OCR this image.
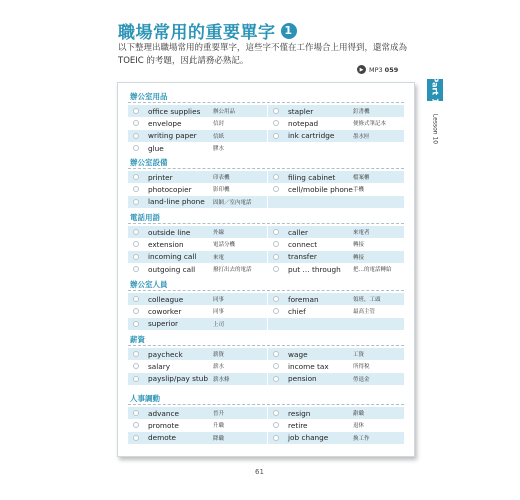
職場常用的重要單字 1
以下整理出職場常用的重要單字，這些字不僅在工作場合上用得到，還常成為 TOEIC 的考題，因此請務必熟記。
▶ MP3 059
Part 1
Lesson 10
辦公室用品
office supplies 辦公用品	stapler	釘書機
envelope	信封	notepad	便條式筆記本
writing paper	信紙	ink cartridge	墨水匣
glue	膠水
辦公室設備
printer	印表機	filing cabinet	檔案櫃
photocopier	影印機	cell/mobile phone 手機
land-line phone 固網／室內電話
電話用語
outside line	外線	caller	來電者
extension	電話分機	connect	轉接
incoming call	來電	transfer	轉接
outgoing call	撥打出去的電話	put … through 把…的電話轉給
辦公室人員
colleague	同事	foreman	領班，工頭
coworker	同事	chief	最高主管
superior	上司
薪資
paycheck	薪資	wage	工資
salary	薪水	income tax	所得稅
payslip/pay stub 薪水條	pension	勞退金
人事調動
advance	晉升	resign	辭職
promote	升職	retire	退休
demote	降職	job change	換工作
61
